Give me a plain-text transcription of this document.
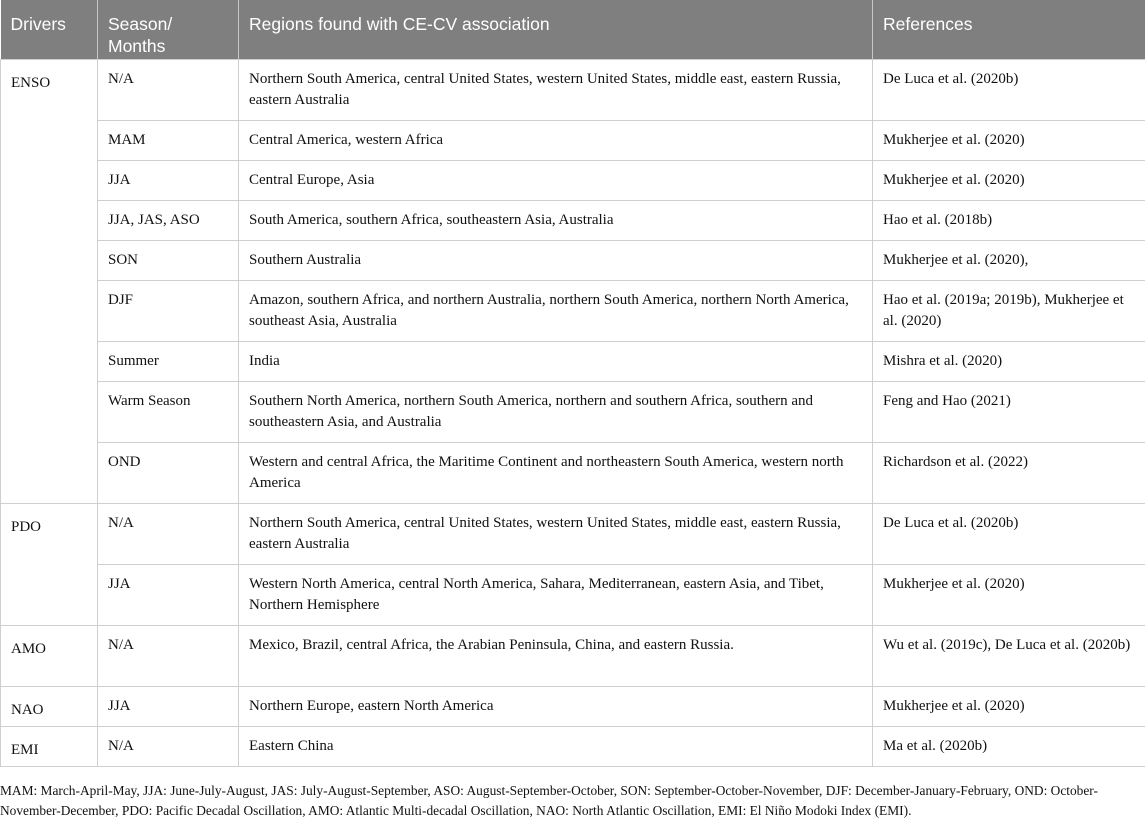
Drivers	Season/ Months	Regions found with CE-CV association	References
ENSO	N/A	Northern South America, central United States, western United States, middle east, eastern Russia, eastern Australia	De Luca et al. (2020b)
	MAM	Central America, western Africa	Mukherjee et al. (2020)
	JJA	Central Europe, Asia	Mukherjee et al. (2020)
	JJA, JAS, ASO	South America, southern Africa, southeastern Asia, Australia	Hao et al. (2018b)
	SON	Southern Australia	Mukherjee et al. (2020),
	DJF	Amazon, southern Africa, and northern Australia, northern South America, northern North America, southeast Asia, Australia	Hao et al. (2019a; 2019b), Mukherjee et al. (2020)
	Summer	India	Mishra et al. (2020)
	Warm Season	Southern North America, northern South America, northern and southern Africa, southern and southeastern Asia, and Australia	Feng and Hao (2021)
	OND	Western and central Africa, the Maritime Continent and northeastern South America, western north America	Richardson et al. (2022)
PDO	N/A	Northern South America, central United States, western United States, middle east, eastern Russia, eastern Australia	De Luca et al. (2020b)
	JJA	Western North America, central North America, Sahara, Mediterranean, eastern Asia, and Tibet, Northern Hemisphere	Mukherjee et al. (2020)
AMO	N/A	Mexico, Brazil, central Africa, the Arabian Peninsula, China, and eastern Russia.	Wu et al. (2019c), De Luca et al. (2020b)
NAO	JJA	Northern Europe, eastern North America	Mukherjee et al. (2020)
EMI	N/A	Eastern China	Ma et al. (2020b)
MAM: March-April-May, JJA: June-July-August, JAS: July-August-September, ASO: August-September-October, SON: September-October-November, DJF: December-January-February, OND: October-November-December, PDO: Pacific Decadal Oscillation, AMO: Atlantic Multi-decadal Oscillation, NAO: North Atlantic Oscillation, EMI: El Niño Modoki Index (EMI).
